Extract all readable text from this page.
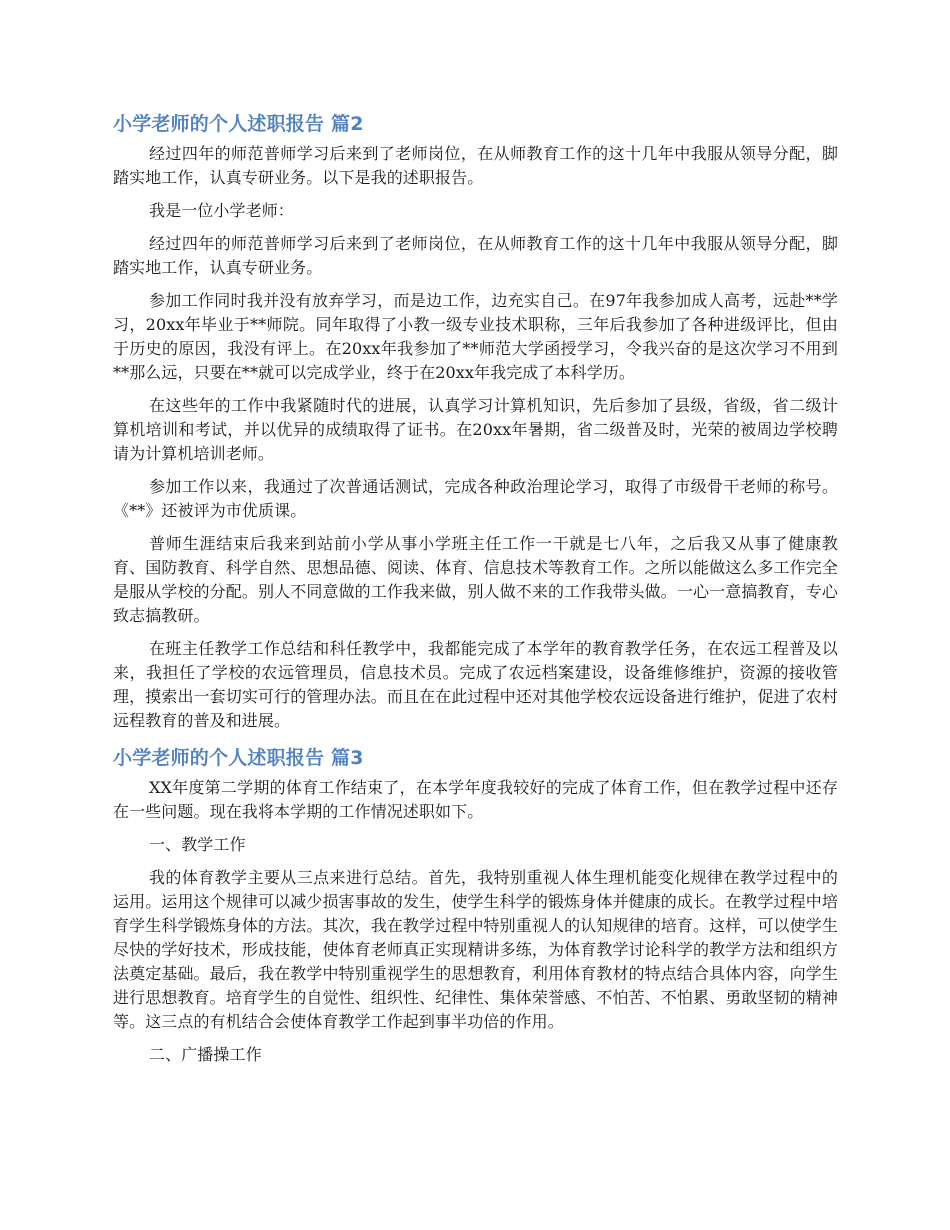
小学老师的个人述职报告 篇2

经过四年的师范普师学习后来到了老师岗位，在从师教育工作的这十几年中我服从领导分配，脚踏实地工作，认真专研业务。以下是我的述职报告。

我是一位小学老师：

经过四年的师范普师学习后来到了老师岗位，在从师教育工作的这十几年中我服从领导分配，脚踏实地工作，认真专研业务。

参加工作同时我并没有放弃学习，而是边工作，边充实自己。在97年我参加成人高考，远赴**学习，20xx年毕业于**师院。同年取得了小教一级专业技术职称，三年后我参加了各种进级评比，但由于历史的原因，我没有评上。在20xx年我参加了**师范大学函授学习，令我兴奋的是这次学习不用到**那么远，只要在**就可以完成学业，终于在20xx年我完成了本科学历。

在这些年的工作中我紧随时代的进展，认真学习计算机知识，先后参加了县级，省级，省二级计算机培训和考试，并以优异的成绩取得了证书。在20xx年暑期，省二级普及时，光荣的被周边学校聘请为计算机培训老师。

参加工作以来，我通过了次普通话测试，完成各种政治理论学习，取得了市级骨干老师的称号。《**》还被评为市优质课。

普师生涯结束后我来到站前小学从事小学班主任工作一干就是七八年，之后我又从事了健康教育、国防教育、科学自然、思想品德、阅读、体育、信息技术等教育工作。之所以能做这么多工作完全是服从学校的分配。别人不同意做的工作我来做，别人做不来的工作我带头做。一心一意搞教育，专心致志搞教研。

在班主任教学工作总结和科任教学中，我都能完成了本学年的教育教学任务，在农远工程普及以来，我担任了学校的农远管理员，信息技术员。完成了农远档案建设，设备维修维护，资源的接收管理，摸索出一套切实可行的管理办法。而且在在此过程中还对其他学校农远设备进行维护，促进了农村远程教育的普及和进展。

小学老师的个人述职报告 篇3

XX年度第二学期的体育工作结束了，在本学年度我较好的完成了体育工作，但在教学过程中还存在一些问题。现在我将本学期的工作情况述职如下。

一、教学工作

我的体育教学主要从三点来进行总结。首先，我特别重视人体生理机能变化规律在教学过程中的运用。运用这个规律可以减少损害事故的发生，使学生科学的锻炼身体并健康的成长。在教学过程中培育学生科学锻炼身体的方法。其次，我在教学过程中特别重视人的认知规律的培育。这样，可以使学生尽快的学好技术，形成技能，使体育老师真正实现精讲多练，为体育教学讨论科学的教学方法和组织方法奠定基础。最后，我在教学中特别重视学生的思想教育，利用体育教材的特点结合具体内容，向学生进行思想教育。培育学生的自觉性、组织性、纪律性、集体荣誉感、不怕苦、不怕累、勇敢坚韧的精神等。这三点的有机结合会使体育教学工作起到事半功倍的作用。

二、广播操工作
